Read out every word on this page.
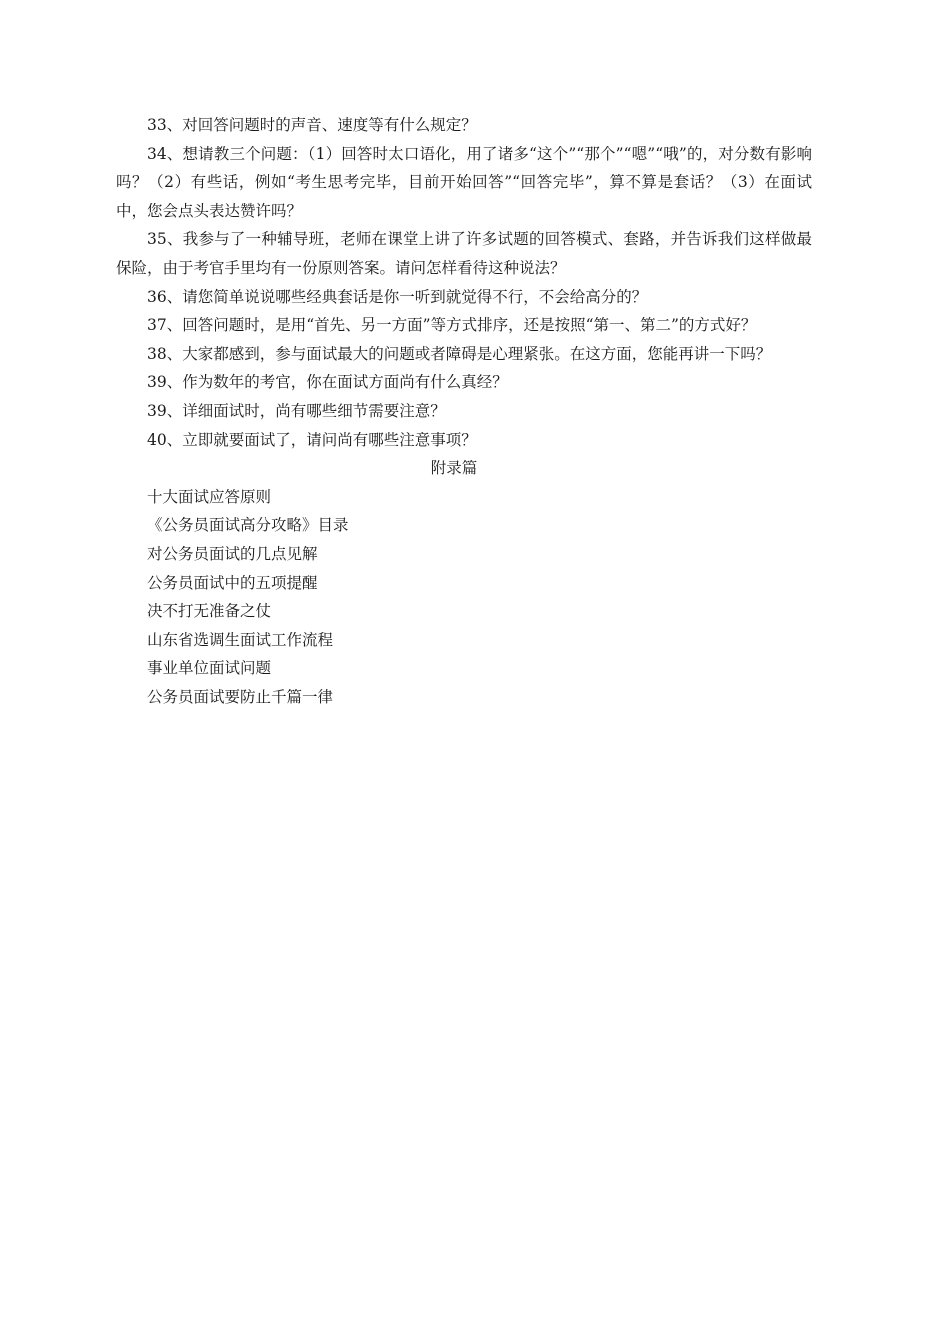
33、对回答问题时的声音、速度等有什么规定？

34、想请教三个问题：（1）回答时太口语化，用了诸多“这个”“那个”“嗯”“哦”的，对分数有影响吗？（2）有些话，例如“考生思考完毕，目前开始回答”“回答完毕”，算不算是套话？（3）在面试中，您会点头表达赞许吗？

35、我参与了一种辅导班，老师在课堂上讲了许多试题的回答模式、套路，并告诉我们这样做最保险，由于考官手里均有一份原则答案。请问怎样看待这种说法？

36、请您简单说说哪些经典套话是你一听到就觉得不行，不会给高分的？

37、回答问题时，是用“首先、另一方面”等方式排序，还是按照“第一、第二”的方式好？

38、大家都感到，参与面试最大的问题或者障碍是心理紧张。在这方面，您能再讲一下吗？

39、作为数年的考官，你在面试方面尚有什么真经？

39、详细面试时，尚有哪些细节需要注意？

40、立即就要面试了，请问尚有哪些注意事项？

附录篇

十大面试应答原则
《公务员面试高分攻略》目录
对公务员面试的几点见解
公务员面试中的五项提醒
决不打无准备之仗
山东省选调生面试工作流程
事业单位面试问题
公务员面试要防止千篇一律
